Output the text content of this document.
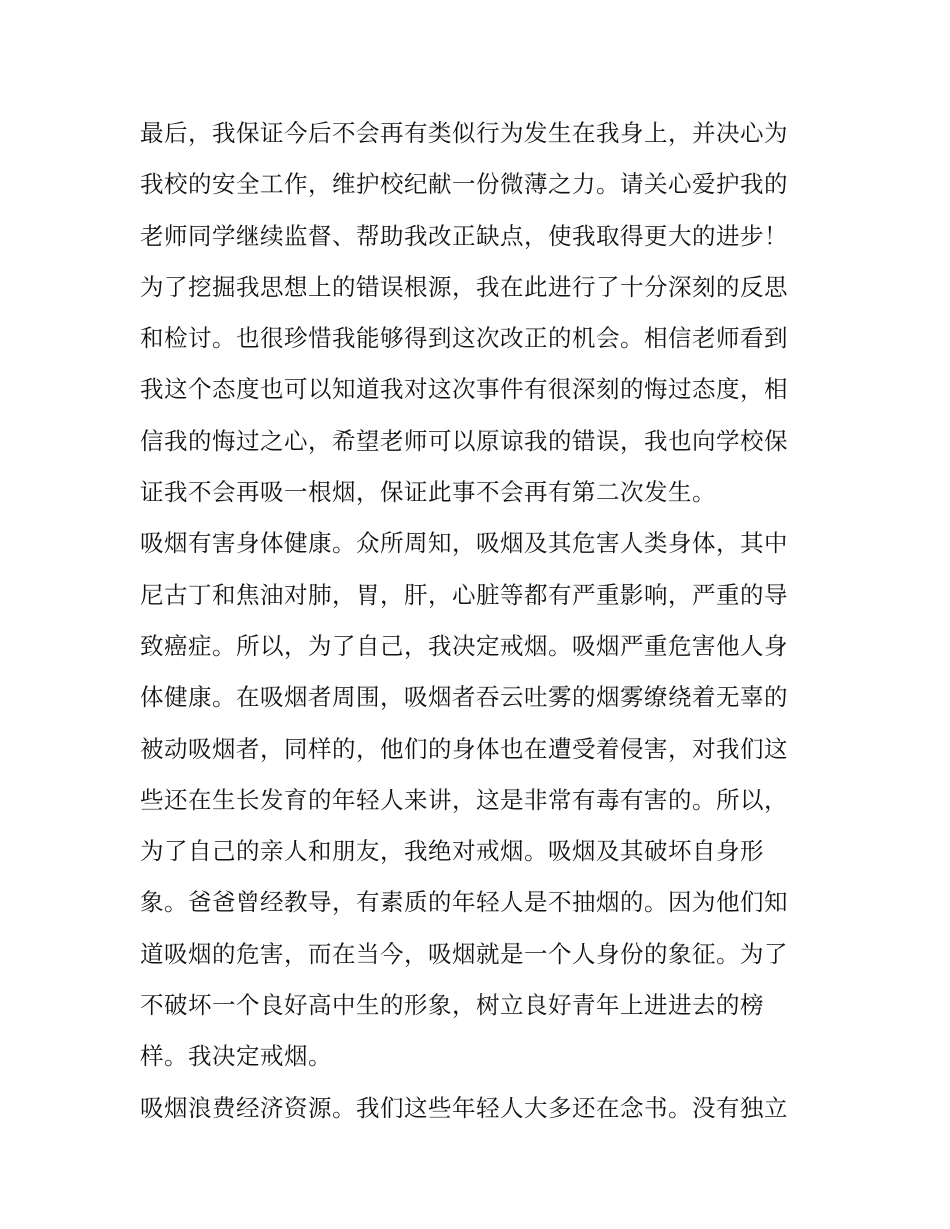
最后，我保证今后不会再有类似行为发生在我身上，并决心为
我校的安全工作，维护校纪献一份微薄之力。请关心爱护我的
老师同学继续监督、帮助我改正缺点，使我取得更大的进步！
为了挖掘我思想上的错误根源，我在此进行了十分深刻的反思
和检讨。也很珍惜我能够得到这次改正的机会。相信老师看到
我这个态度也可以知道我对这次事件有很深刻的悔过态度，相
信我的悔过之心，希望老师可以原谅我的错误，我也向学校保
证我不会再吸一根烟，保证此事不会再有第二次发生。
吸烟有害身体健康。众所周知，吸烟及其危害人类身体，其中
尼古丁和焦油对肺，胃，肝，心脏等都有严重影响，严重的导
致癌症。所以，为了自己，我决定戒烟。吸烟严重危害他人身
体健康。在吸烟者周围，吸烟者吞云吐雾的烟雾缭绕着无辜的
被动吸烟者，同样的，他们的身体也在遭受着侵害，对我们这
些还在生长发育的年轻人来讲，这是非常有毒有害的。所以，
为了自己的亲人和朋友，我绝对戒烟。吸烟及其破坏自身形
象。爸爸曾经教导，有素质的年轻人是不抽烟的。因为他们知
道吸烟的危害，而在当今，吸烟就是一个人身份的象征。为了
不破坏一个良好高中生的形象，树立良好青年上进进去的榜
样。我决定戒烟。
吸烟浪费经济资源。我们这些年轻人大多还在念书。没有独立
